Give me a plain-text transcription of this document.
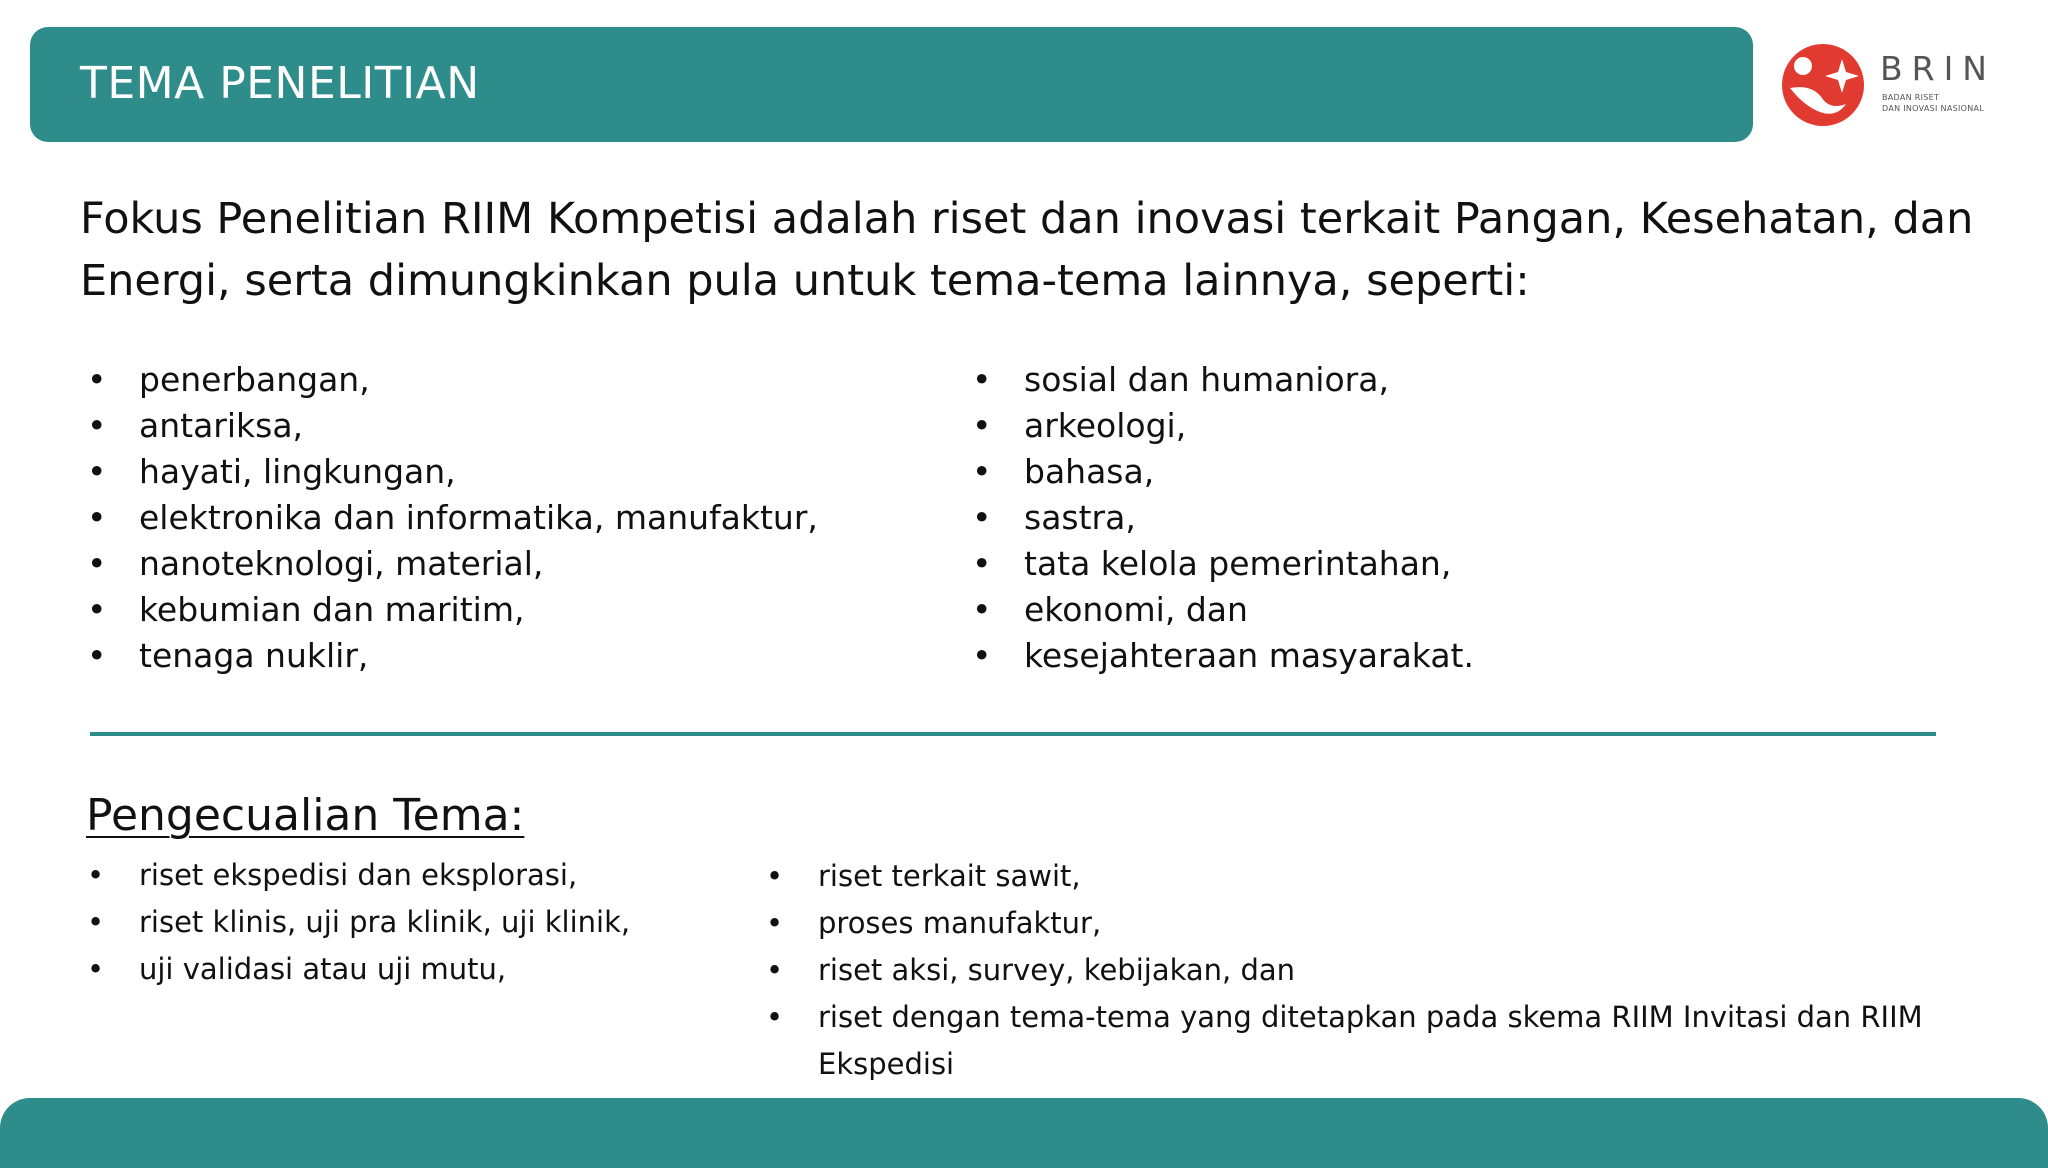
TEMA PENELITIAN	BRIN
BADAN RISET
DAN INOVASI NASIONAL

Fokus Penelitian RIIM Kompetisi adalah riset dan inovasi terkait Pangan, Kesehatan, dan Energi, serta dimungkinkan pula untuk tema-tema lainnya, seperti:

• penerbangan,
• antariksa,
• hayati, lingkungan,
• elektronika dan informatika, manufaktur,
• nanoteknologi, material,
• kebumian dan maritim,
• tenaga nuklir,
• sosial dan humaniora,
• arkeologi,
• bahasa,
• sastra,
• tata kelola pemerintahan,
• ekonomi, dan
• kesejahteraan masyarakat.
Pengecualian Tema:
• riset ekspedisi dan eksplorasi,
• riset klinis, uji pra klinik, uji klinik,
• uji validasi atau uji mutu,
• riset terkait sawit,
• proses manufaktur,
• riset aksi, survey, kebijakan, dan
• riset dengan tema-tema yang ditetapkan pada skema RIIM Invitasi dan RIIM Ekspedisi
